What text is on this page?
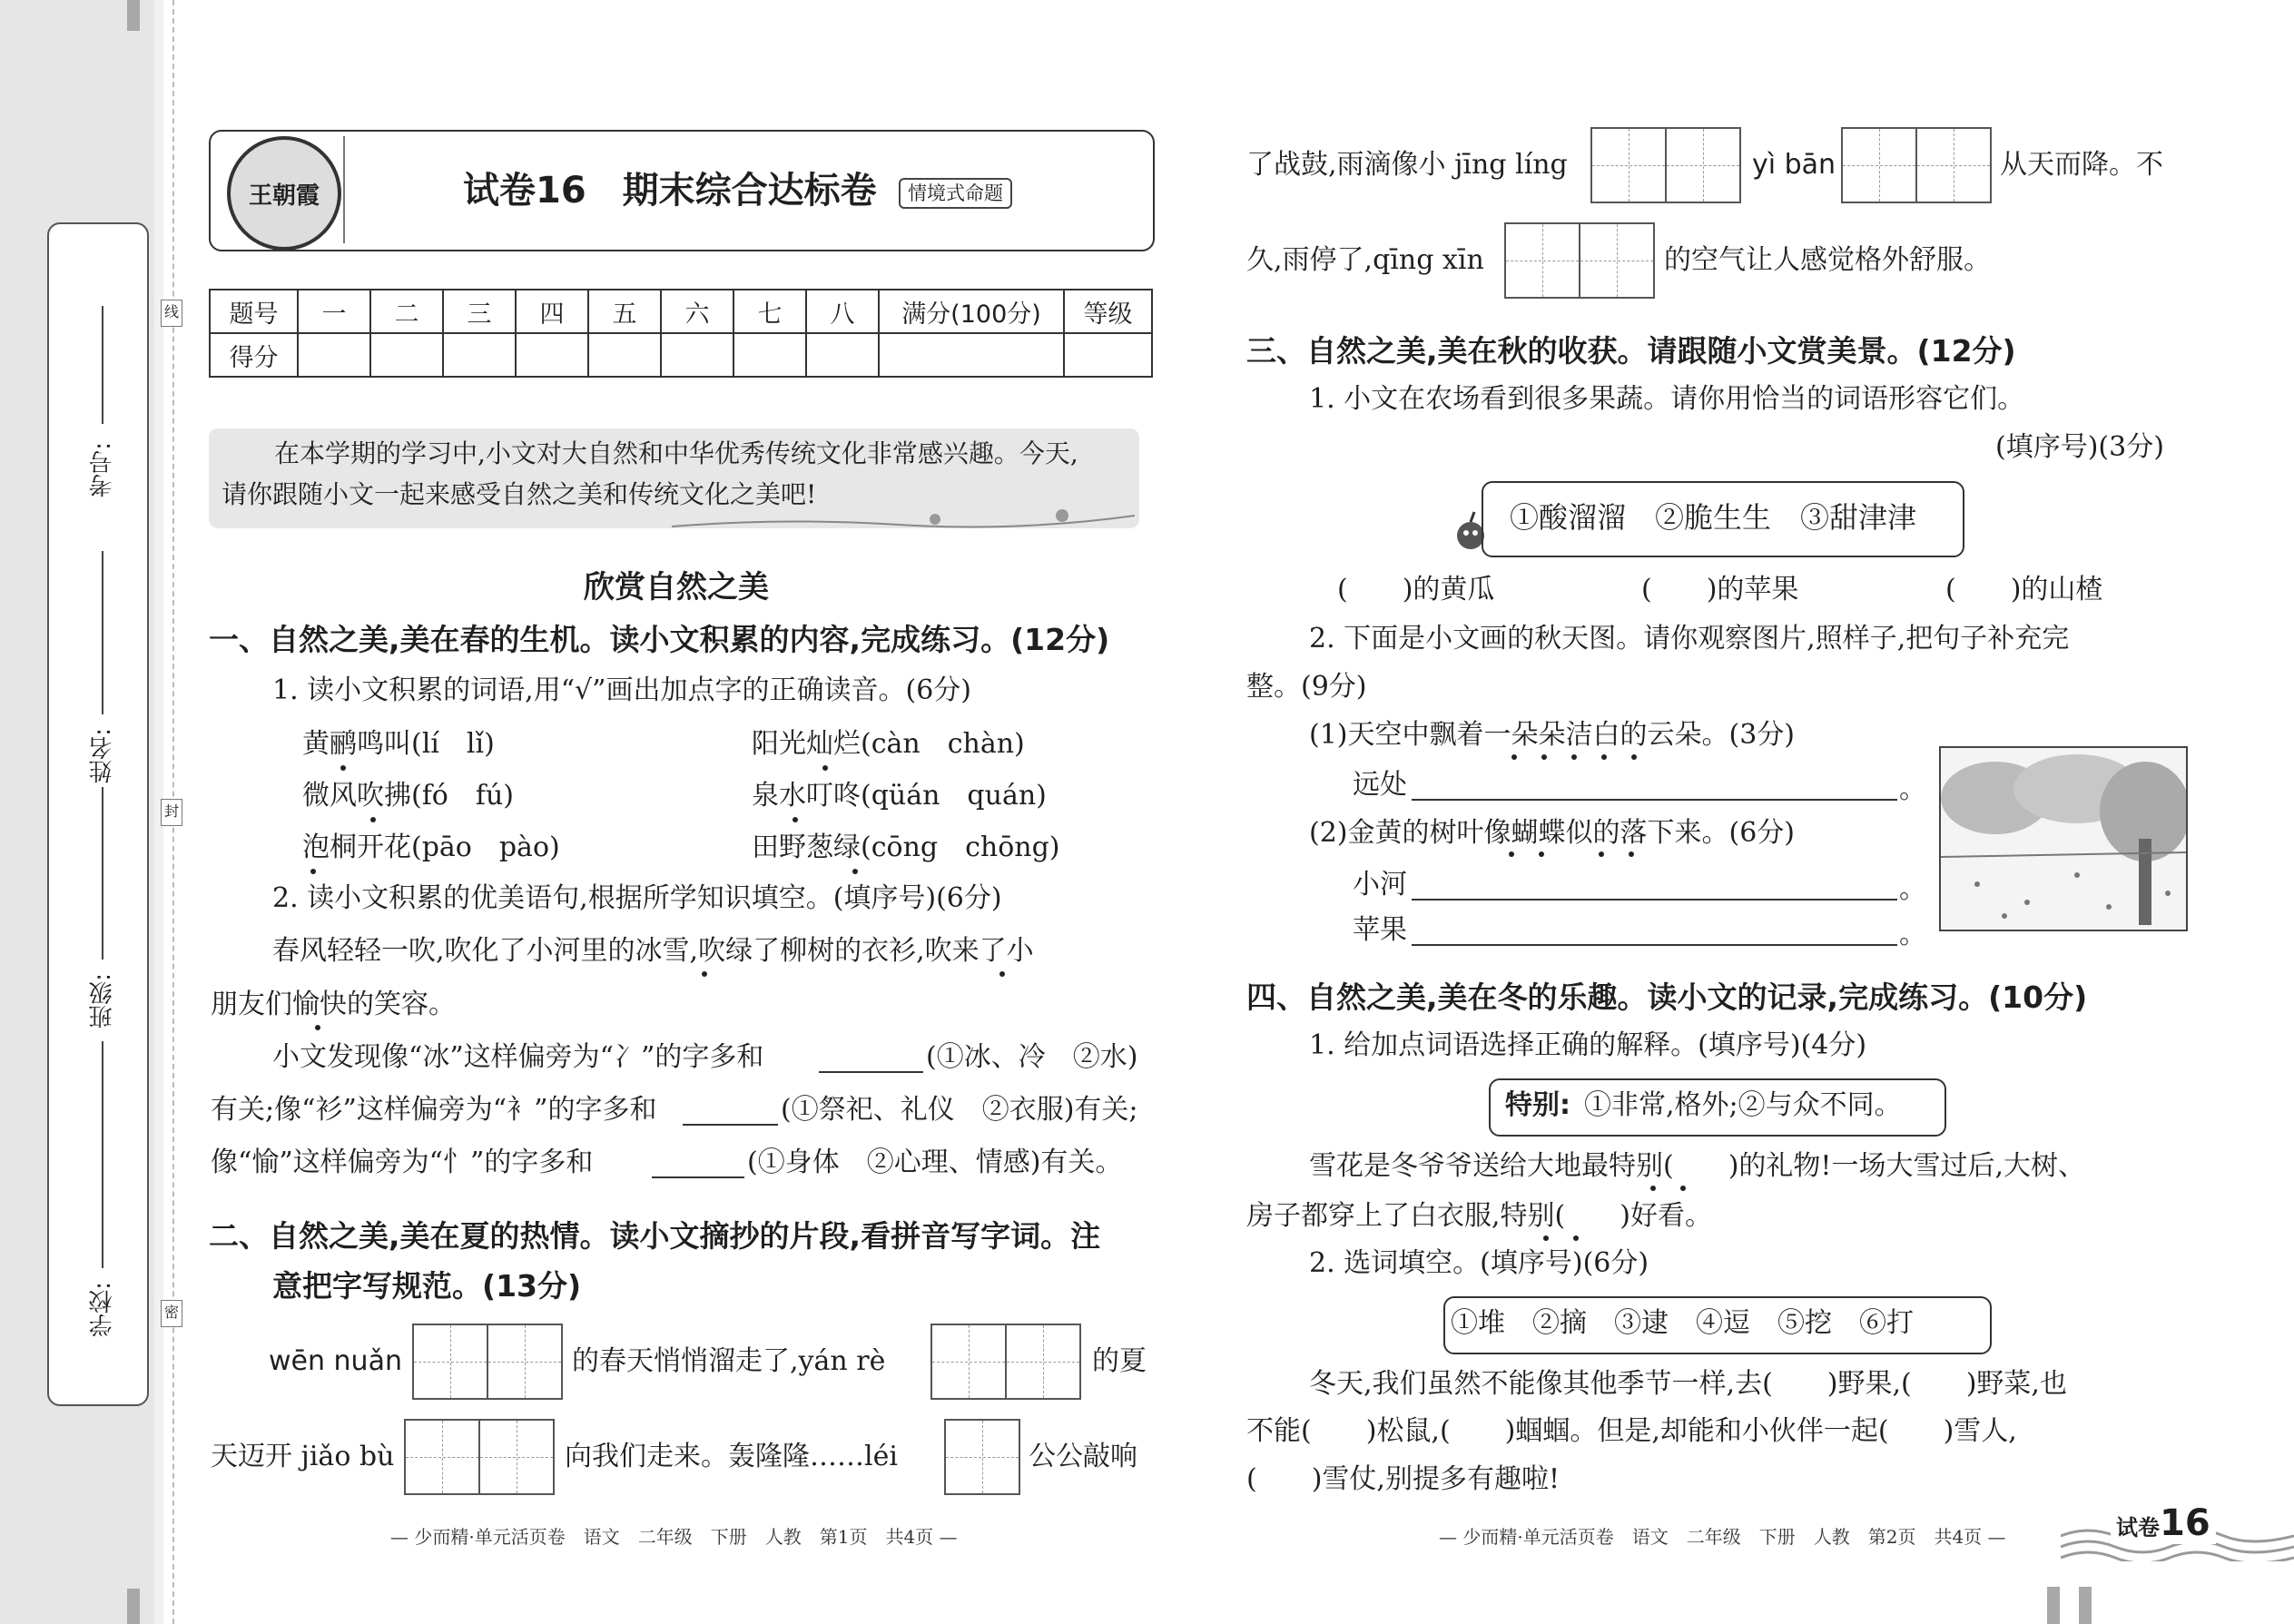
考号:
姓名:
班级:
学校:
线
封
密
王朝霞	试卷16　期末综合达标卷	情境式命题
题号	一	二	三	四	五	六	七	八	满分(100分)	等级
得分										
在本学期的学习中,小文对大自然和中华优秀传统文化非常感兴趣。今天,
请你跟随小文一起来感受自然之美和传统文化之美吧!
欣赏自然之美
一、自然之美,美在春的生机。读小文积累的内容,完成练习。(12分)
1. 读小文积累的词语,用“√”画出加点字的正确读音。(6分)
黄鹂鸣叫(lí　lǐ)	阳光灿烂(càn　chàn)
微风吹拂(fó　fú)	泉水叮咚(qüán　quán)
泡桐开花(pāo　pào)	田野葱绿(cōng　chōng)
2. 读小文积累的优美语句,根据所学知识填空。(填序号)(6分)
春风轻轻一吹,吹化了小河里的冰雪,吹绿了柳树的衣衫,吹来了小
朋友们愉快的笑容。
小文发现像“冰”这样偏旁为“冫”的字多和	(①冰、冷　②水)
有关;像“衫”这样偏旁为“衤”的字多和	(①祭祀、礼仪　②衣服)有关;
像“愉”这样偏旁为“忄”的字多和	(①身体　②心理、情感)有关。
二、自然之美,美在夏的热情。读小文摘抄的片段,看拼音写字词。注
意把字写规范。(13分)
wēn nuǎn	的春天悄悄溜走了,yán rè	的夏
天迈开 jiǎo bù	向我们走来。轰隆隆……léi	公公敲响
— 少而精·单元活页卷　语文　二年级　下册　人教　第1页　共4页 —
了战鼓,雨滴像小 jīng líng	yì bān	从天而降。不
久,雨停了,qīng xīn	的空气让人感觉格外舒服。
三、自然之美,美在秋的收获。请跟随小文赏美景。(12分)
1. 小文在农场看到很多果蔬。请你用恰当的词语形容它们。
(填序号)(3分)
①酸溜溜　②脆生生　③甜津津
(　　)的黄瓜	(　　)的苹果	(　　)的山楂
2. 下面是小文画的秋天图。请你观察图片,照样子,把句子补充完
整。(9分)
(1)天空中飘着一朵朵洁白的云朵。(3分)
远处	。
(2)金黄的树叶像蝴蝶似的落下来。(6分)
小河	。
苹果	。
四、自然之美,美在冬的乐趣。读小文的记录,完成练习。(10分)
1. 给加点词语选择正确的解释。(填序号)(4分)
特别: ①非常,格外;②与众不同。
雪花是冬爷爷送给大地最特别(　　)的礼物!一场大雪过后,大树、
房子都穿上了白衣服,特别(　　)好看。
2. 选词填空。(填序号)(6分)
①堆　②摘　③逮　④逗　⑤挖　⑥打
冬天,我们虽然不能像其他季节一样,去(　　)野果,(　　)野菜,也
不能(　　)松鼠,(　　)蝈蝈。但是,却能和小伙伴一起(　　)雪人,
(　　)雪仗,别提多有趣啦!
— 少而精·单元活页卷　语文　二年级　下册　人教　第2页　共4页 —	试卷16
